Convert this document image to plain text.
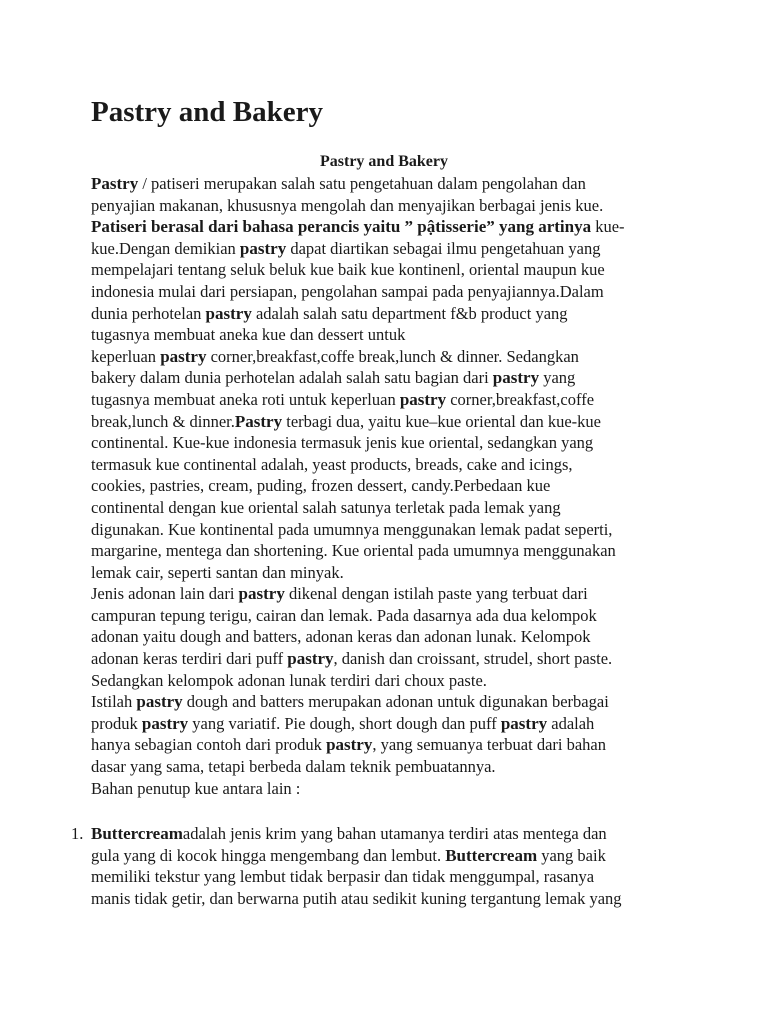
Pastry and Bakery
Pastry and Bakery
Pastry / patiseri merupakan salah satu pengetahuan dalam pengolahan dan
penyajian makanan, khususnya mengolah dan menyajikan berbagai jenis kue.
Patiseri berasal dari bahasa perancis yaitu ” pậtisserie” yang artinya kue-
kue.Dengan demikian pastry dapat diartikan sebagai ilmu pengetahuan yang
mempelajari tentang seluk beluk kue baik kue kontinenl, oriental maupun kue
indonesia mulai dari persiapan, pengolahan sampai pada penyajiannya.Dalam
dunia perhotelan pastry adalah salah satu department f&b product yang
tugasnya membuat aneka kue dan dessert untuk
keperluan pastry corner,breakfast,coffe break,lunch & dinner. Sedangkan
bakery dalam dunia perhotelan adalah salah satu bagian dari pastry yang
tugasnya membuat aneka roti untuk keperluan pastry corner,breakfast,coffe
break,lunch & dinner.Pastry terbagi dua, yaitu kue–kue oriental dan kue-kue
continental. Kue-kue indonesia termasuk jenis kue oriental, sedangkan yang
termasuk kue continental adalah, yeast products, breads, cake and icings,
cookies, pastries, cream, puding, frozen dessert, candy.Perbedaan kue
continental dengan kue oriental salah satunya terletak pada lemak yang
digunakan. Kue kontinental pada umumnya menggunakan lemak padat seperti,
margarine, mentega dan shortening. Kue oriental pada umumnya menggunakan
lemak cair, seperti santan dan minyak.
Jenis adonan lain dari pastry dikenal dengan istilah paste yang terbuat dari
campuran tepung terigu, cairan dan lemak. Pada dasarnya ada dua kelompok
adonan yaitu dough and batters, adonan keras dan adonan lunak. Kelompok
adonan keras terdiri dari puff pastry, danish dan croissant, strudel, short paste.
Sedangkan kelompok adonan lunak terdiri dari choux paste.
Istilah pastry dough and batters merupakan adonan untuk digunakan berbagai
produk pastry yang variatif. Pie dough, short dough dan puff pastry adalah
hanya sebagian contoh dari produk pastry, yang semuanya terbuat dari bahan
dasar yang sama, tetapi berbeda dalam teknik pembuatannya.
Bahan penutup kue antara lain :
1. Buttercreamadalah jenis krim yang bahan utamanya terdiri atas mentega dan
gula yang di kocok hingga mengembang dan lembut. Buttercream yang baik
memiliki tekstur yang lembut tidak berpasir dan tidak menggumpal, rasanya
manis tidak getir, dan berwarna putih atau sedikit kuning tergantung lemak yang
